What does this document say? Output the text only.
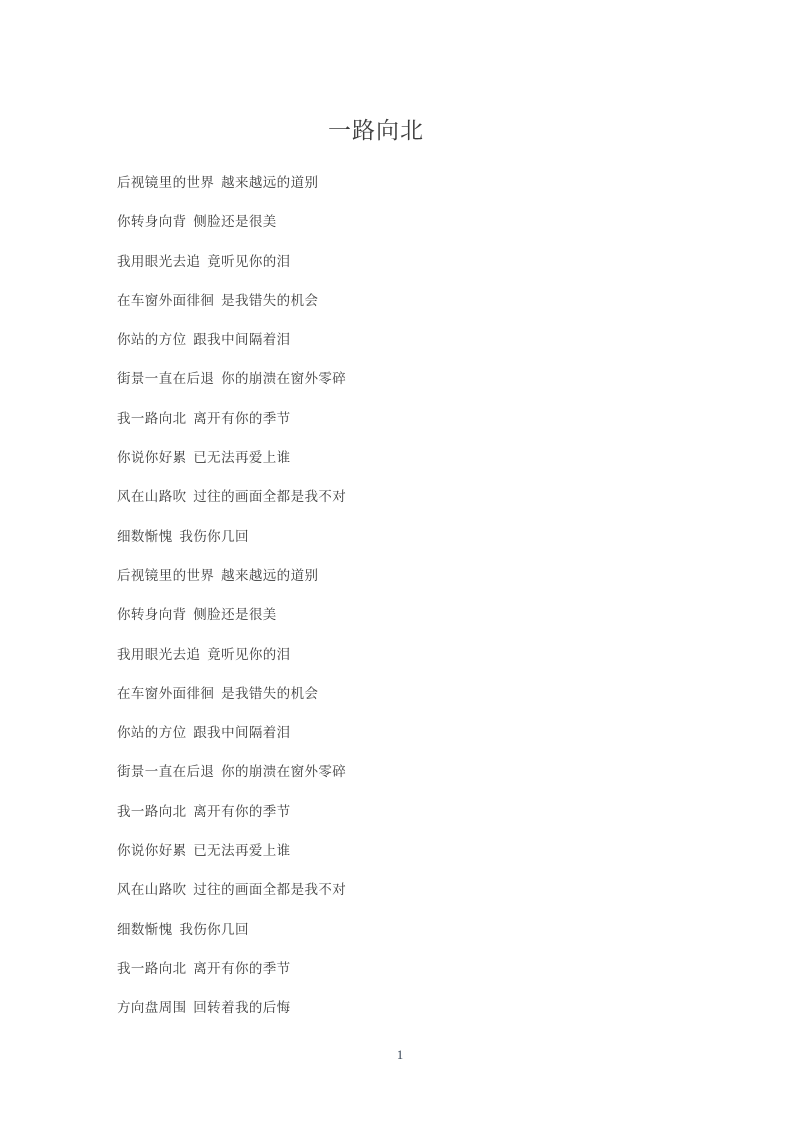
一路向北

后视镜里的世界 越来越远的道别

你转身向背 侧脸还是很美

我用眼光去追 竟听见你的泪

在车窗外面徘徊 是我错失的机会

你站的方位 跟我中间隔着泪

街景一直在后退 你的崩溃在窗外零碎

我一路向北 离开有你的季节

你说你好累 已无法再爱上谁

风在山路吹 过往的画面全都是我不对

细数惭愧 我伤你几回

后视镜里的世界 越来越远的道别

你转身向背 侧脸还是很美

我用眼光去追 竟听见你的泪

在车窗外面徘徊 是我错失的机会

你站的方位 跟我中间隔着泪

街景一直在后退 你的崩溃在窗外零碎

我一路向北 离开有你的季节

你说你好累 已无法再爱上谁

风在山路吹 过往的画面全都是我不对

细数惭愧 我伤你几回

我一路向北 离开有你的季节

方向盘周围 回转着我的后悔

1
